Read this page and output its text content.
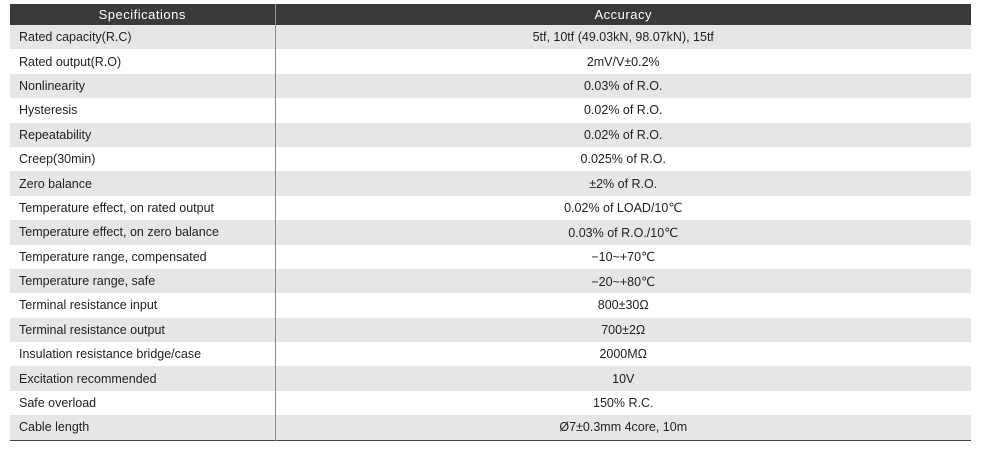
Specifications	Accuracy
Rated capacity(R.C)	5tf, 10tf (49.03kN, 98.07kN), 15tf
Rated output(R.O)	2mV/V±0.2%
Nonlinearity	0.03% of R.O.
Hysteresis	0.02% of R.O.
Repeatability	0.02% of R.O.
Creep(30min)	0.025% of R.O.
Zero balance	±2% of R.O.
Temperature effect, on rated output	0.02% of LOAD/10℃
Temperature effect, on zero balance	0.03% of R.O./10℃
Temperature range, compensated	−10~+70℃
Temperature range, safe	−20~+80℃
Terminal resistance input	800±30Ω
Terminal resistance output	700±2Ω
Insulation resistance bridge/case	2000MΩ
Excitation recommended	10V
Safe overload	150% R.C.
Cable length	Ø7±0.3mm 4core, 10m
